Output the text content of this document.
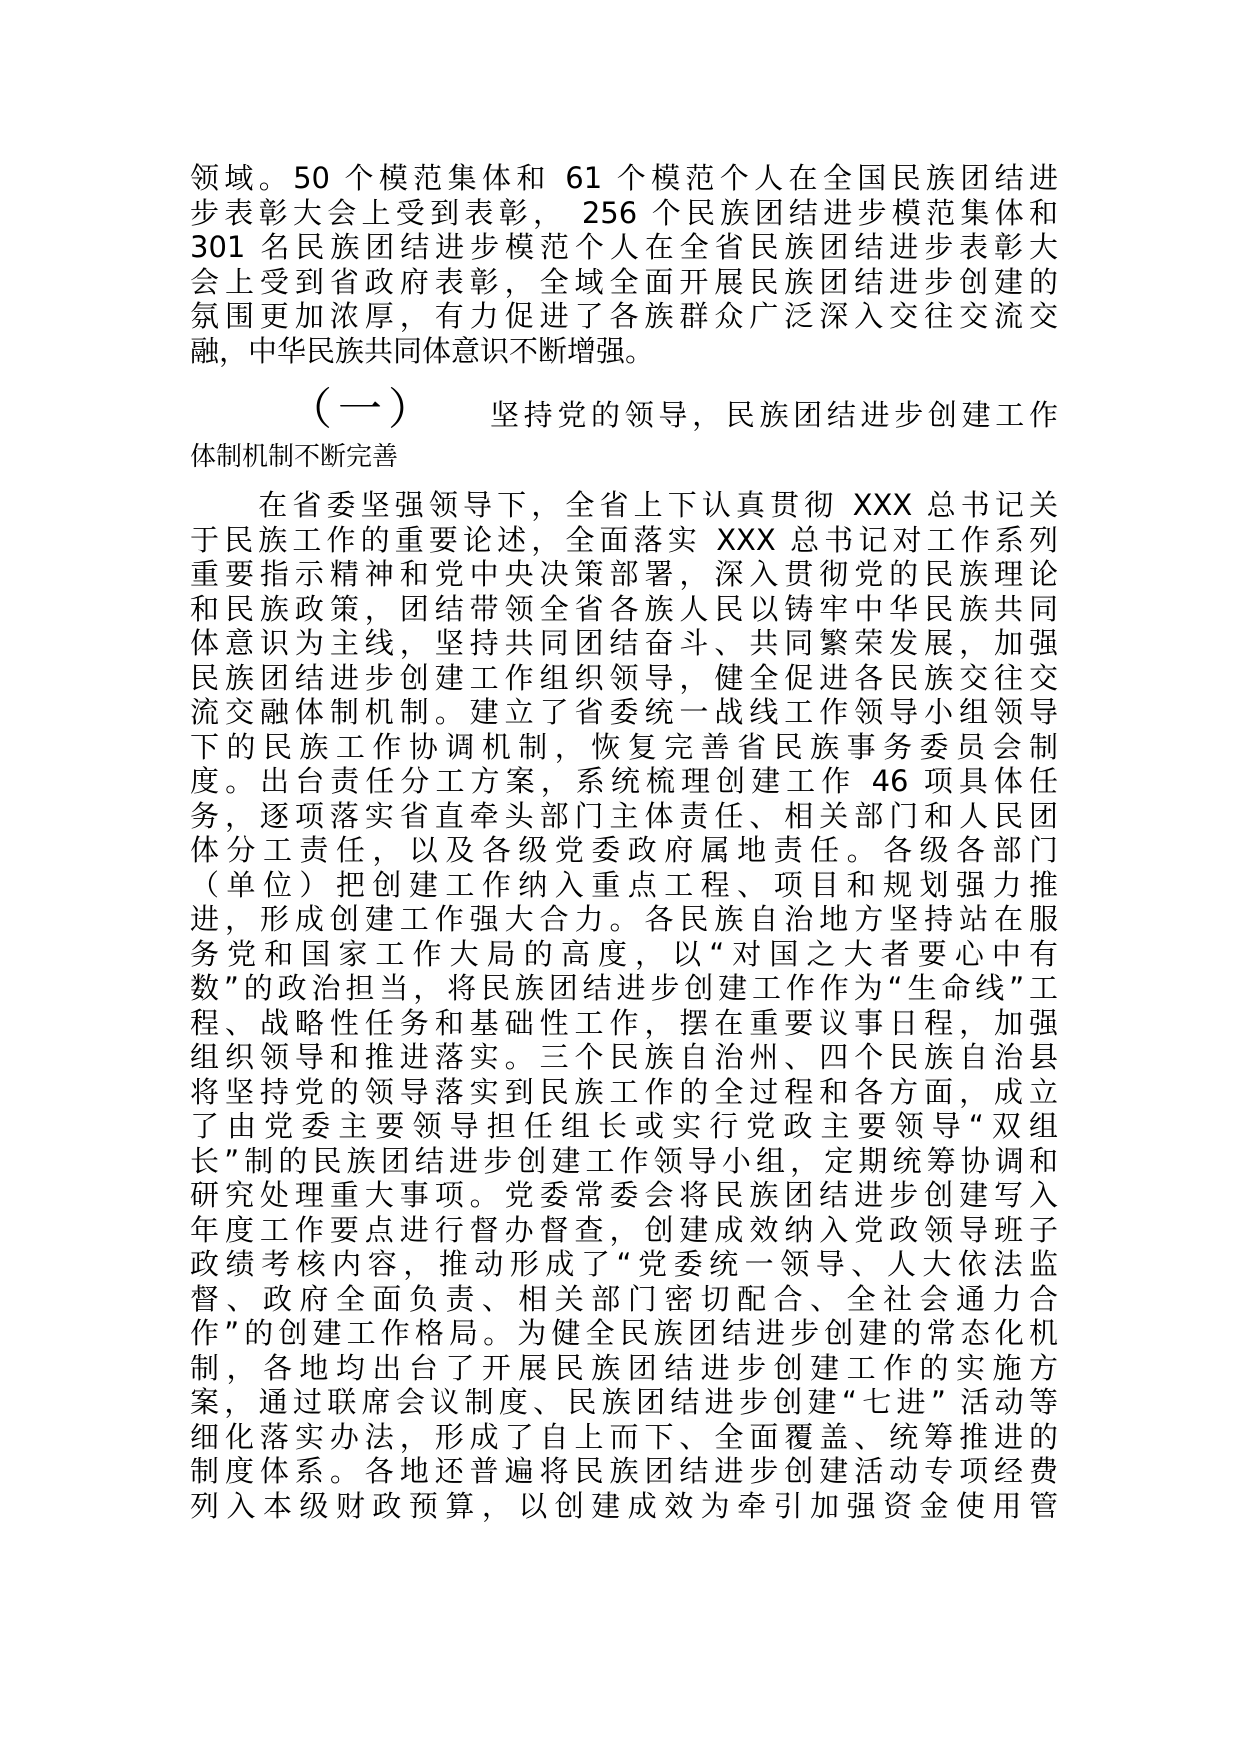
领域。50 个模范集体和 61 个模范个人在全国民族团结进
步表彰大会上受到表彰， 256 个民族团结进步模范集体和
301 名民族团结进步模范个人在全省民族团结进步表彰大
会上受到省政府表彰，全域全面开展民族团结进步创建的
氛围更加浓厚，有力促进了各族群众广泛深入交往交流交
融，中华民族共同体意识不断增强。
（一） 坚持党的领导，民族团结进步创建工作
体制机制不断完善
　　在省委坚强领导下，全省上下认真贯彻 XXX 总书记关
于民族工作的重要论述，全面落实 XXX 总书记对工作系列
重要指示精神和党中央决策部署，深入贯彻党的民族理论
和民族政策，团结带领全省各族人民以铸牢中华民族共同
体意识为主线，坚持共同团结奋斗、共同繁荣发展，加强
民族团结进步创建工作组织领导，健全促进各民族交往交
流交融体制机制。建立了省委统一战线工作领导小组领导
下的民族工作协调机制，恢复完善省民族事务委员会制
度。出台责任分工方案，系统梳理创建工作 46 项具体任
务，逐项落实省直牵头部门主体责任、相关部门和人民团
体分工责任，以及各级党委政府属地责任。各级各部门
（单位）把创建工作纳入重点工程、项目和规划强力推
进，形成创建工作强大合力。各民族自治地方坚持站在服
务党和国家工作大局的高度，以“对国之大者要心中有
数”的政治担当，将民族团结进步创建工作作为“生命线”工
程、战略性任务和基础性工作，摆在重要议事日程，加强
组织领导和推进落实。三个民族自治州、四个民族自治县
将坚持党的领导落实到民族工作的全过程和各方面，成立
了由党委主要领导担任组长或实行党政主要领导“双组
长”制的民族团结进步创建工作领导小组，定期统筹协调和
研究处理重大事项。党委常委会将民族团结进步创建写入
年度工作要点进行督办督查，创建成效纳入党政领导班子
政绩考核内容，推动形成了“党委统一领导、人大依法监
督、政府全面负责、相关部门密切配合、全社会通力合
作”的创建工作格局。为健全民族团结进步创建的常态化机
制，各地均出台了开展民族团结进步创建工作的实施方
案，通过联席会议制度、民族团结进步创建“七进” 活动等
细化落实办法，形成了自上而下、全面覆盖、统筹推进的
制度体系。各地还普遍将民族团结进步创建活动专项经费
列入本级财政预算，以创建成效为牵引加强资金使用管
